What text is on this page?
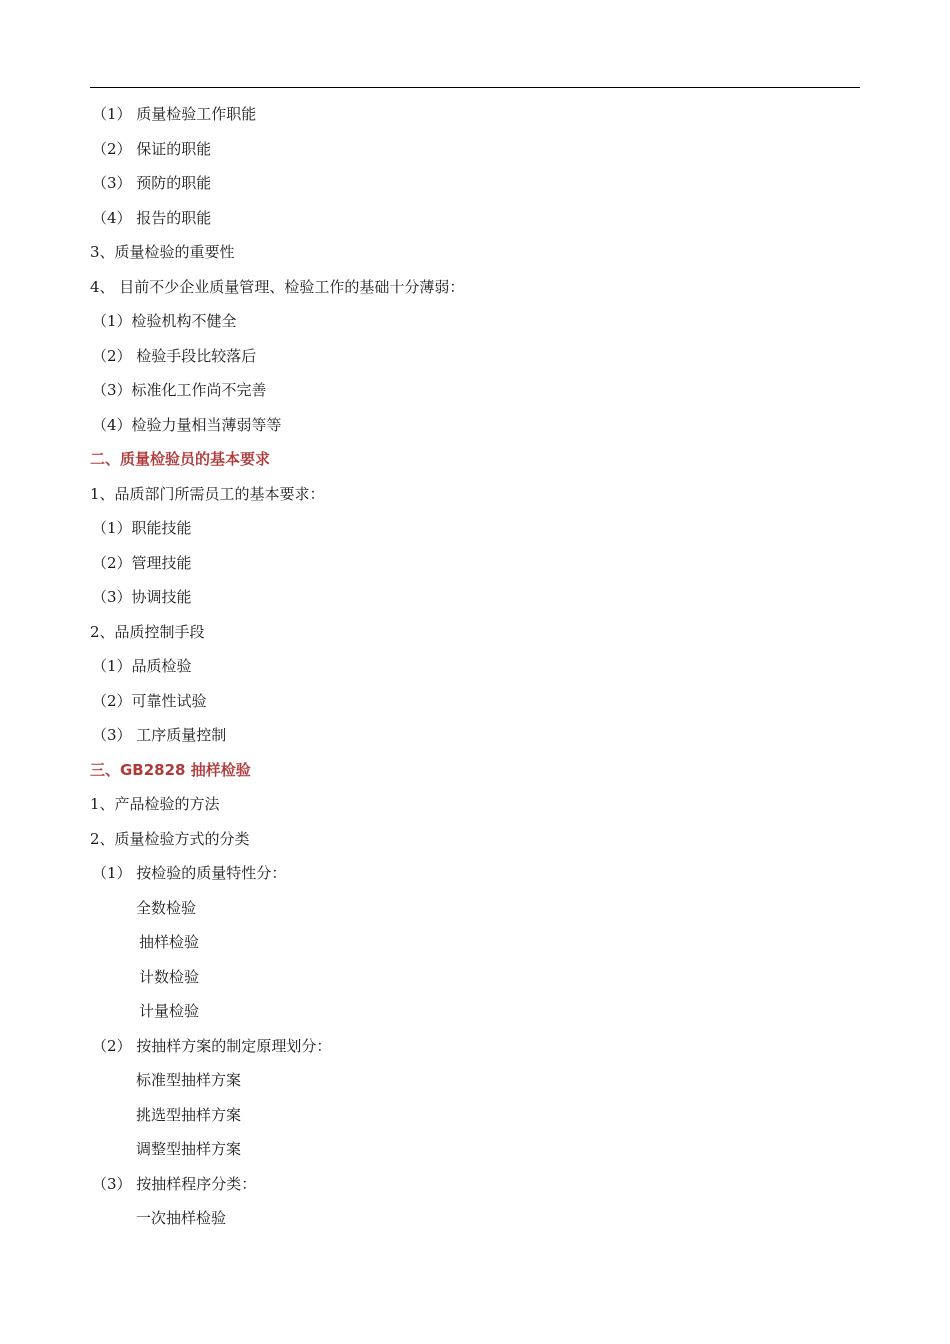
（1） 质量检验工作职能
（2） 保证的职能
（3） 预防的职能
（4） 报告的职能
3、质量检验的重要性
4、 目前不少企业质量管理、检验工作的基础十分薄弱：
（1）检验机构不健全
（2） 检验手段比较落后
（3）标准化工作尚不完善
（4）检验力量相当薄弱等等
二、质量检验员的基本要求
1、品质部门所需员工的基本要求：
（1）职能技能
（2）管理技能
（3）协调技能
2、品质控制手段
（1）品质检验
（2）可靠性试验
（3） 工序质量控制
三、GB2828 抽样检验
1、产品检验的方法
2、质量检验方式的分类
（1） 按检验的质量特性分：
全数检验
抽样检验
计数检验
计量检验
（2） 按抽样方案的制定原理划分：
标准型抽样方案
挑选型抽样方案
调整型抽样方案
（3） 按抽样程序分类：
一次抽样检验
